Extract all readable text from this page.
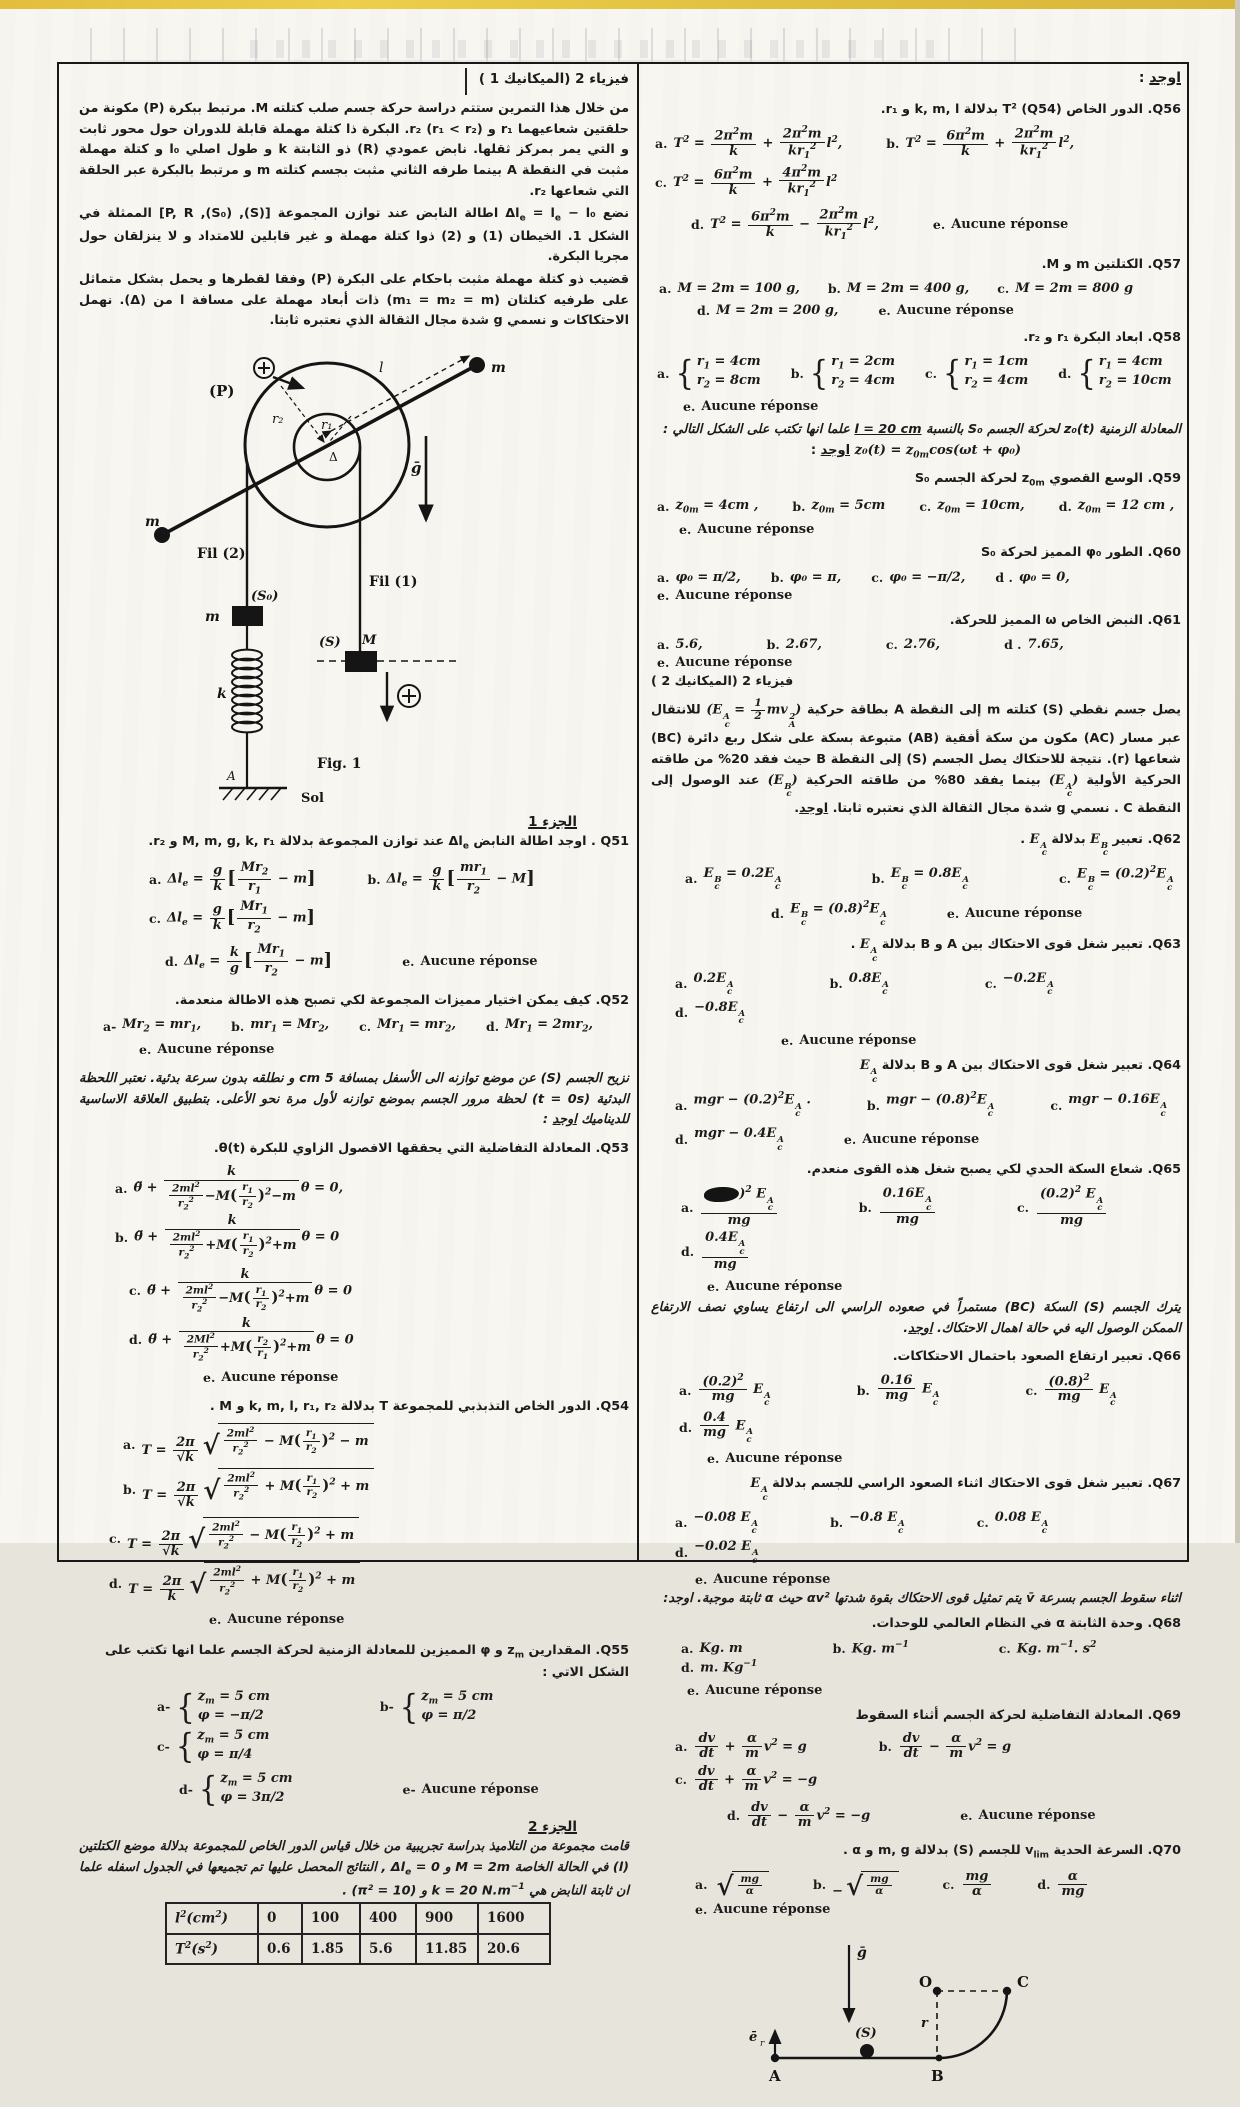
فيزياء 2 (الميكانيك 1 )
من خلال هذا التمرين ستتم دراسة حركة جسم صلب كتلته M. مرتبط ببكرة (P) مكونة من حلقتين شعاعيهما r₁ و r₂ (r₁ < r₂). البكرة ذا كتلة مهملة قابلة للدوران حول محور ثابت و التي يمر بمركز ثقلها. نابض عمودي (R) ذو الثابتة k و طول اصلي l₀ و كتلة مهملة مثبت في النقطة A بينما طرفه الثاني مثبت بجسم كتلته m و مرتبط بالبكرة عبر الحلقة التي شعاعها r₂.
نضع $\Delta l_e = l_e - l_0$ اطالة النابض عند توازن المجموعة [(S), (S₀), P, R] الممثلة في الشكل 1. الخيطان (1) و (2) ذوا كتلة مهملة و غير قابلين للامتداد و لا ينزلقان حول مجريا البكرة.
قضيب ذو كتلة مهملة مثبت باحكام على البكرة (P) وفقا لقطرها و يحمل بشكل متماثل على طرفيه كتلتان (m₁ = m₂ = m) ذات أبعاد مهملة على مسافة l من (Δ). نهمل الاحتكاكات و نسمي g شدة مجال الثقالة الذي نعتبره ثابتا.
(P)
r₂	r₁
Δ
l	m
m
ḡ
Fil (2)
Fil (1)
(S₀)
m
(S) M
k
A
Sol
Fig. 1
الجزء 1
Q51 . اوجد اطالة النابض $\Delta l_e$ عند توازن المجموعة بدلالة M, m, g, k, r₁ و r₂.
a. $\Delta l_e = \frac{g}{k}$ [ $\frac{Mr_2}{r_1} - m$]	b. $\Delta l_e = \frac{g}{k}$ [ $\frac{mr_1}{r_2} - M$]
c. $\Delta l_e = \frac{g}{k}$ [ $\frac{Mr_1}{r_2} - m$]
d. $\Delta l_e = \frac{k}{g}$ [ $\frac{Mr_1}{r_2} - m$]	e. Aucune réponse
Q52. كيف يمكن اختيار مميزات المجموعة لكي تصبح هذه الاطالة منعدمة.
a- $Mr_2 = mr_1$, b. $mr_1 = Mr_2$, c. $Mr_1 = mr_2$, d. $Mr_1 = 2mr_2$,
e. Aucune réponse
نزيح الجسم (S) عن موضع توازنه الى الأسفل بمسافة 5 cm و نطلقه بدون سرعة بدئية. نعتبر اللحظة البدئية (t = 0s) لحظة مرور الجسم بموضع توازنه لأول مرة نحو الأعلى. بتطبيق العلاقة الاساسية للديناميك اوجد :
Q53. المعادلة التفاضلية التي يحققها الافصول الزاوي للبكرة θ(t).
a. θ̈ + $\frac{k}{\frac{2ml^2}{r_2^2} -M( \frac{r_1}{r_2} )^2-m}$ θ = 0,
b. θ̈ + $\frac{k}{\frac{2ml^2}{r_2^2} +M( \frac{r_1}{r_2} )^2+m}$ θ = 0
c. θ̈ + $\frac{k}{\frac{2ml^2}{r_2^2} -M( \frac{r_1}{r_2} )^2+m}$ θ = 0
d. θ̈ + $\frac{k}{\frac{2Ml^2}{r_2^2} +M( \frac{r_2}{r_1} )^2+m}$ θ = 0
e. Aucune réponse
Q54. الدور الخاص التذبذبي للمجموعة T بدلالة k, m, l, r₁, r₂ و M .
a. $T = \frac{2\pi}{√k}$ √ $\frac{2ml^2}{r_2^2} - M( \frac{r_1}{r_2} )^2 - m$
b. $T = \frac{2\pi}{√k}$ √ $\frac{2ml^2}{r_2^2} + M( \frac{r_1}{r_2} )^2 + m$
c. $T = \frac{2\pi}{√k}$ √ $\frac{2ml^2}{r_2^2} - M( \frac{r_1}{r_2} )^2 + m$
d. $T = \frac{2\pi}{k}$ √ $\frac{2ml^2}{r_2^2} + M( \frac{r_1}{r_2} )^2 + m$
e. Aucune réponse
Q55. المقدارين $z_m$ و φ المميزين للمعادلة الزمنية لحركة الجسم علما انها تكتب على الشكل الاتي :
a- { $z_m = 5$ cm
φ = −π/2
b- { $z_m = 5$ cm
φ = π/2
c- { $z_m = 5$ cm
φ = π/4
d- { $z_m = 5$ cm
φ = 3π/2
e- Aucune réponse
الجزء 2
قامت مجموعة من التلاميذ بدراسة تجريبية من خلال قياس الدور الخاص للمجموعة بدلالة موضع الكتلتين (l) في الحالة الخاصة M = 2m و $\Delta l_e = 0$ , النتائج المحصل عليها تم تجميعها في الجدول اسفله علما ان ثابتة النابض هي k = 20 $N.m^{-1}$ و (π² = 10) .
$l^2(cm^2)$	0	100	400	900	1600
$T^2(s^2)$	0.6	1.85	5.6	11.85	20.6
اوجد :
Q56. الدور الخاص T² (Q54) بدلالة k, m, l و r₁.
a. $T^2 = \frac{2\pi^2m}{k} + \frac{2\pi^2m}{kr_1^2} l^2$,	b. $T^2 = \frac{6\pi^2m}{k} + \frac{2\pi^2m}{kr_1^2} l^2$,
c. $T^2 = \frac{6\pi^2m}{k} + \frac{4\pi^2m}{kr_1^2} l^2$
d. $T^2 = \frac{6\pi^2m}{k} - \frac{2\pi^2m}{kr_1^2} l^2$,	e. Aucune réponse
Q57. الكتلتين m و M.
a. M = 2m = 100 g, b. M = 2m = 400 g, c. M = 2m = 800 g
d. M = 2m = 200 g,	e. Aucune réponse
Q58. ابعاد البكرة r₁ و r₂.
a. { $r_1 = 4cm$
$r_2 = 8cm$ b. { $r_1 = 2cm$
$r_2 = 4cm$ c. { $r_1 = 1cm$
$r_2 = 4cm$ d. { $r_1 = 4cm$
$r_2 = 10cm$
e. Aucune réponse
المعادلة الزمنية z₀(t) لحركة الجسم S₀ بالنسبة l = 20 cm علما انها تكتب على الشكل التالي :
$z_0(t) = z_{0m}\cos(\omega t + \varphi_0)$ اوجد :
Q59. الوسع القصوي $z_{0m}$ لحركة الجسم S₀
a. $z_{0m} = 4cm$ ,	b. $z_{0m} = 5cm$	c. $z_{0m} = 10cm$,	d. $z_{0m} = 12$ cm ,
e. Aucune réponse
Q60. الطور φ₀ المميز لحركة S₀
a. φ₀ = π/2, b. φ₀ = π, c. φ₀ = −π/2, d . φ₀ = 0,
e. Aucune réponse
Q61. النبض الخاص ω المميز للحركة.
a. 5.6,	b. 2.67,	c. 2.76,	d . 7.65,
e. Aucune réponse
فيزياء 2 (الميكانيك 2 )
يصل جسم نقطي (S) كتلته m إلى النقطة A بطاقة حركية (E A
c
= $\frac{1}{2}$ mv 2
A
) للانتقال عبر مسار (AC) مكون من سكة أفقية (AB) متبوعة بسكة على شكل ربع دائرة (BC) شعاعها (r). نتيجة للاحتكاك يصل الجسم (S) إلى النقطة B حيث فقد 20% من طاقته الحركية الأولية (E A
c
) بينما يفقد 80% من طاقته الحركية (E B
c
) عند الوصول إلى النقطة C . نسمي g شدة مجال الثقالة الذي نعتبره ثابتا. اوجد.
Q62. تعبير E B
c
بدلالة E A
c
.
a. E B
c
= 0.2E A
c
b. E B
c
= 0.8E A
c
c. E B
c
= $(0.2)^2E$ A
c
d. E B
c
= $(0.8)^2E$ A
c
e. Aucune réponse
Q63. تعبير شغل قوى الاحتكاك بين A و B بدلالة E A
c
.
a. 0.2E A
c
b. 0.8E A
c
c. −0.2E A
c
d. −0.8E A
c
e. Aucune réponse
Q64. تعبير شغل قوى الاحتكاك بين A و B بدلالة E A
c
a. mgr − $(0.2)^2E$ A
c
.	b. mgr − $(0.8)^2E$ A
c
c. mgr − 0.16E A
c
d. mgr − 0.4E A
c
e. Aucune réponse
Q65. شعاع السكة الحدي لكي يصبح شغل هذه القوى منعدم.
a.
(0.8 )$^2$ E A
c
mg
b.
0.16E A
c
mg
c.
$(0.2)^2$ E A
c
mg
d.
0.4E A
c
mg
e. Aucune réponse
يترك الجسم (S) السكة (BC) مستمراً في صعوده الراسي الى ارتفاع يساوي نصف الارتفاع الممكن الوصول اليه في حالة اهمال الاحتكاك. اوجد.
Q66. تعبير ارتفاع الصعود باحتمال الاحتكاكات.
a. $\frac{(0.2)^2}{mg}$ E A
c
b. $\frac{0.16}{mg}$ E A
c
c. $\frac{(0.8)^2}{mg}$ E A
c
d. $\frac{0.4}{mg}$ E A
c
e. Aucune réponse
Q67. تعبير شغل قوى الاحتكاك اثناء الصعود الراسي للجسم بدلالة E A
c
a. −0.08 E A
c
b. −0.8 E A
c
c. 0.08 E A
c
d. −0.02 E A
c
e. Aucune réponse
اثناء سقوط الجسم بسرعة v̄ يتم تمثيل قوى الاحتكاك بقوة شدتها αv² حيث α ثابتة موجبة. اوجد:
Q68. وحدة الثابتة α في النظام العالمي للوحدات.
a. Kg. m	b. Kg. $m^{-1}$	c. Kg. $m^{-1}$. $s^2$
d. m. $Kg^{-1}$
e. Aucune réponse
Q69. المعادلة التفاضلية لحركة الجسم أثناء السقوط
a. $\frac{dv}{dt} + \frac{\alpha}{m} v^2 = g$	b. $\frac{dv}{dt} - \frac{\alpha}{m} v^2 = g$
c. $\frac{dv}{dt} + \frac{\alpha}{m} v^2 = -g$
d. $\frac{dv}{dt} - \frac{\alpha}{m} v^2 = -g$	e. Aucune réponse
Q70. السرعة الحدية $v_{lim}$ للجسم (S) بدلالة m, g و α .
a.	√ $\frac{mg}{\alpha}$	b. − √ $\frac{mg}{\alpha}$	c. $\frac{mg}{\alpha}$	d. $\frac{\alpha}{mg}$
e. Aucune réponse
O	C
B
A
r
(S)
ḡ
ē r
